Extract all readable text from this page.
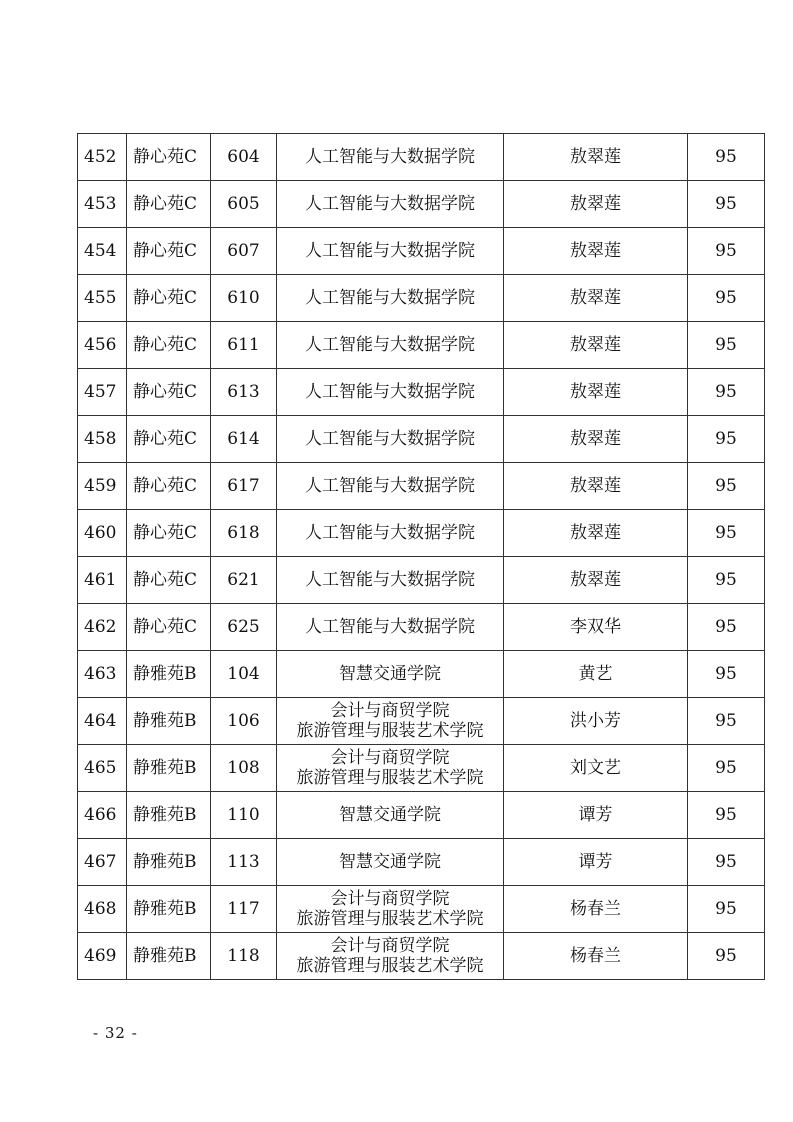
452	静心苑C	604	人工智能与大数据学院	敖翠莲	95
453	静心苑C	605	人工智能与大数据学院	敖翠莲	95
454	静心苑C	607	人工智能与大数据学院	敖翠莲	95
455	静心苑C	610	人工智能与大数据学院	敖翠莲	95
456	静心苑C	611	人工智能与大数据学院	敖翠莲	95
457	静心苑C	613	人工智能与大数据学院	敖翠莲	95
458	静心苑C	614	人工智能与大数据学院	敖翠莲	95
459	静心苑C	617	人工智能与大数据学院	敖翠莲	95
460	静心苑C	618	人工智能与大数据学院	敖翠莲	95
461	静心苑C	621	人工智能与大数据学院	敖翠莲	95
462	静心苑C	625	人工智能与大数据学院	李双华	95
463	静雅苑B	104	智慧交通学院	黄艺	95
464	静雅苑B	106	会计与商贸学院
旅游管理与服装艺术学院	洪小芳	95
465	静雅苑B	108	会计与商贸学院
旅游管理与服装艺术学院	刘文艺	95
466	静雅苑B	110	智慧交通学院	谭芳	95
467	静雅苑B	113	智慧交通学院	谭芳	95
468	静雅苑B	117	会计与商贸学院
旅游管理与服装艺术学院	杨春兰	95
469	静雅苑B	118	会计与商贸学院
旅游管理与服装艺术学院	杨春兰	95
- 32 -
